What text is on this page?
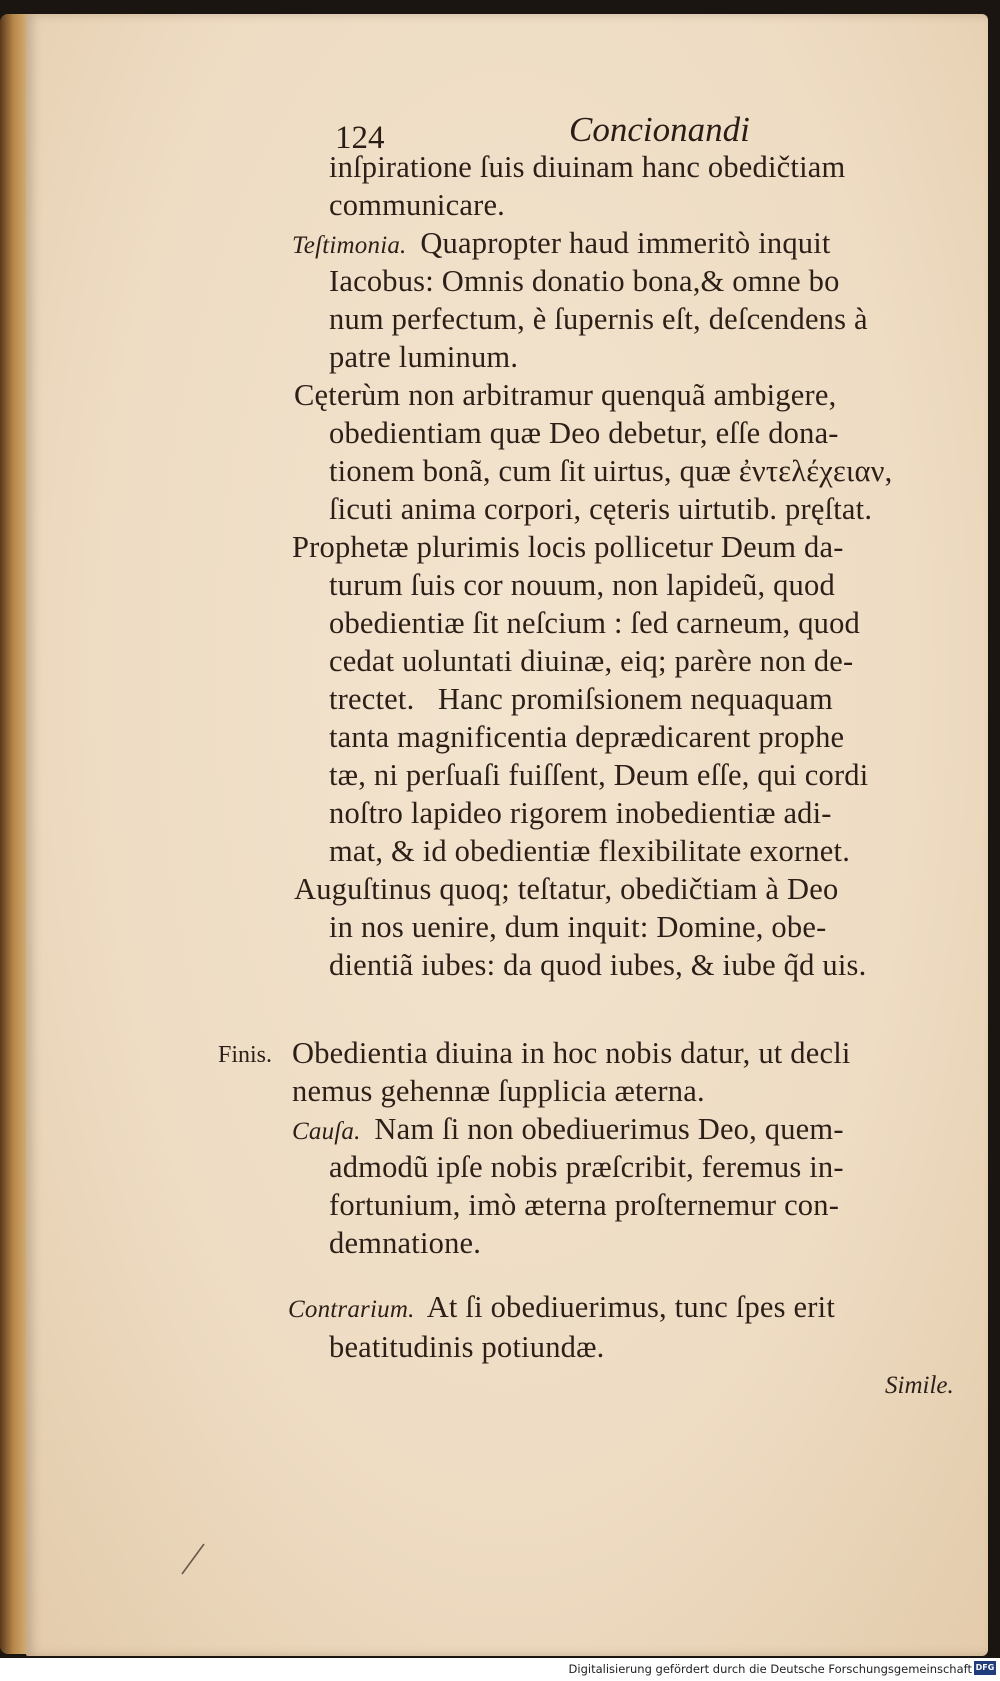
124	Concionandi
inſpiratione ſuis diuinam hanc obedičtiam
communicare.
Teſtimonia. Quapropter haud immeritò inquit
Iacobus: Omnis donatio bona,& omne bo
num perfectum, è ſupernis eſt, deſcendens à
patre luminum.
Cęterùm non arbitramur quenquã ambigere,
obedientiam quæ Deo debetur, eſſe dona-
tionem bonã, cum ſit uirtus, quæ ἐντελέχειαν,
ſicuti anima corpori, cęteris uirtutib. pręſtat.
Prophetæ plurimis locis pollicetur Deum da-
turum ſuis cor nouum, non lapideũ, quod
obedientiæ ſit neſcium : ſed carneum, quod
cedat uoluntati diuinæ, eiq; parère non de-
trectet.   Hanc promiſsionem nequaquam
tanta magnificentia deprædicarent prophe
tæ, ni perſuaſi fuiſſent, Deum eſſe, qui cordi
noſtro lapideo rigorem inobedientiæ adi-
mat, & id obedientiæ flexibilitate exornet.
Auguſtinus quoq; teſtatur, obedičtiam à Deo
in nos uenire, dum inquit: Domine, obe-
dientiã iubes: da quod iubes, & iube q̃d uis.
Finis. Obedientia diuina in hoc nobis datur, ut decli
nemus gehennæ ſupplicia æterna.
Cauſa. Nam ſi non obediuerimus Deo, quem-
admodũ ipſe nobis præſcribit, feremus in-
fortunium, imò æterna proſternemur con-
demnatione.
Contrarium. At ſi obediuerimus, tunc ſpes erit
beatitudinis potiundæ.
Simile.
Digitalisierung gefördert durch die Deutsche Forschungsgemeinschaft DFG
